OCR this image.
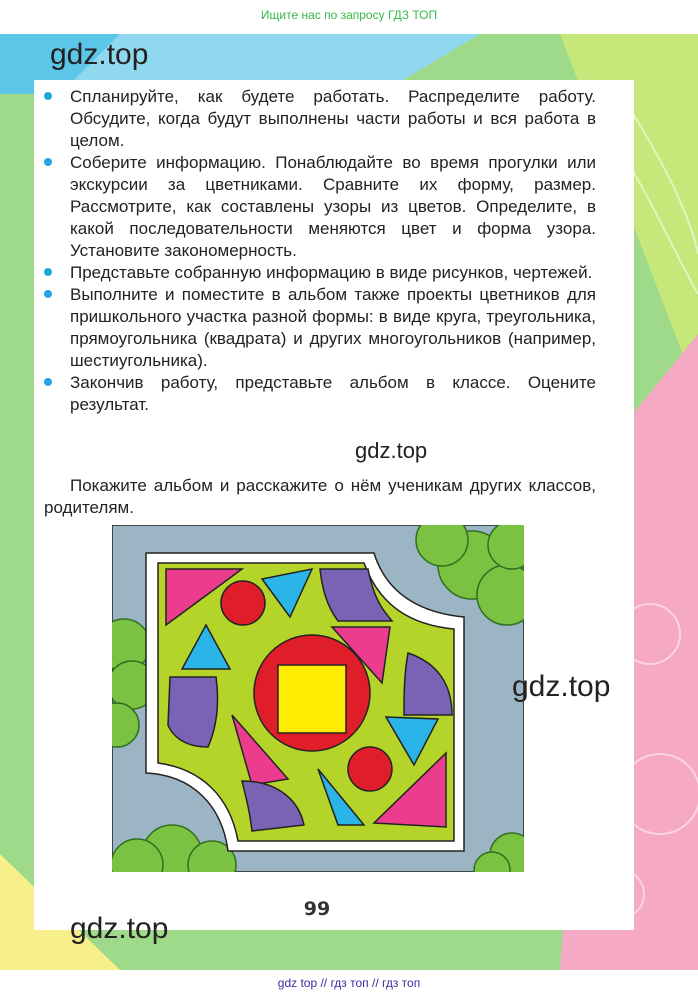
Ищите нас по запросу ГДЗ ТОП
gdz.top
Спланируйте, как будете работать. Распределите работу. Обсудите, когда будут выполнены части работы и вся работа в целом.
Соберите информацию. Понаблюдайте во время прогулки или экскурсии за цветниками. Сравните их форму, размер. Рассмотрите, как составлены узоры из цветов. Определите, в какой последовательности меняются цвет и форма узора. Установите закономерность.
Представьте собранную информацию в виде рисунков, чертежей.
Выполните и поместите в альбом также проекты цветников для пришкольного участка разной формы: в виде круга, треугольника, прямоугольника (квадрата) и других многоугольников (например, шестиугольника).
Закончив работу, представьте альбом в классе. Оцените результат.
gdz.top

Покажите альбом и расскажите о нём ученикам других классов, родителям.

gdz.top
99
gdz.top
gdz top // гдз топ // гдз топ
